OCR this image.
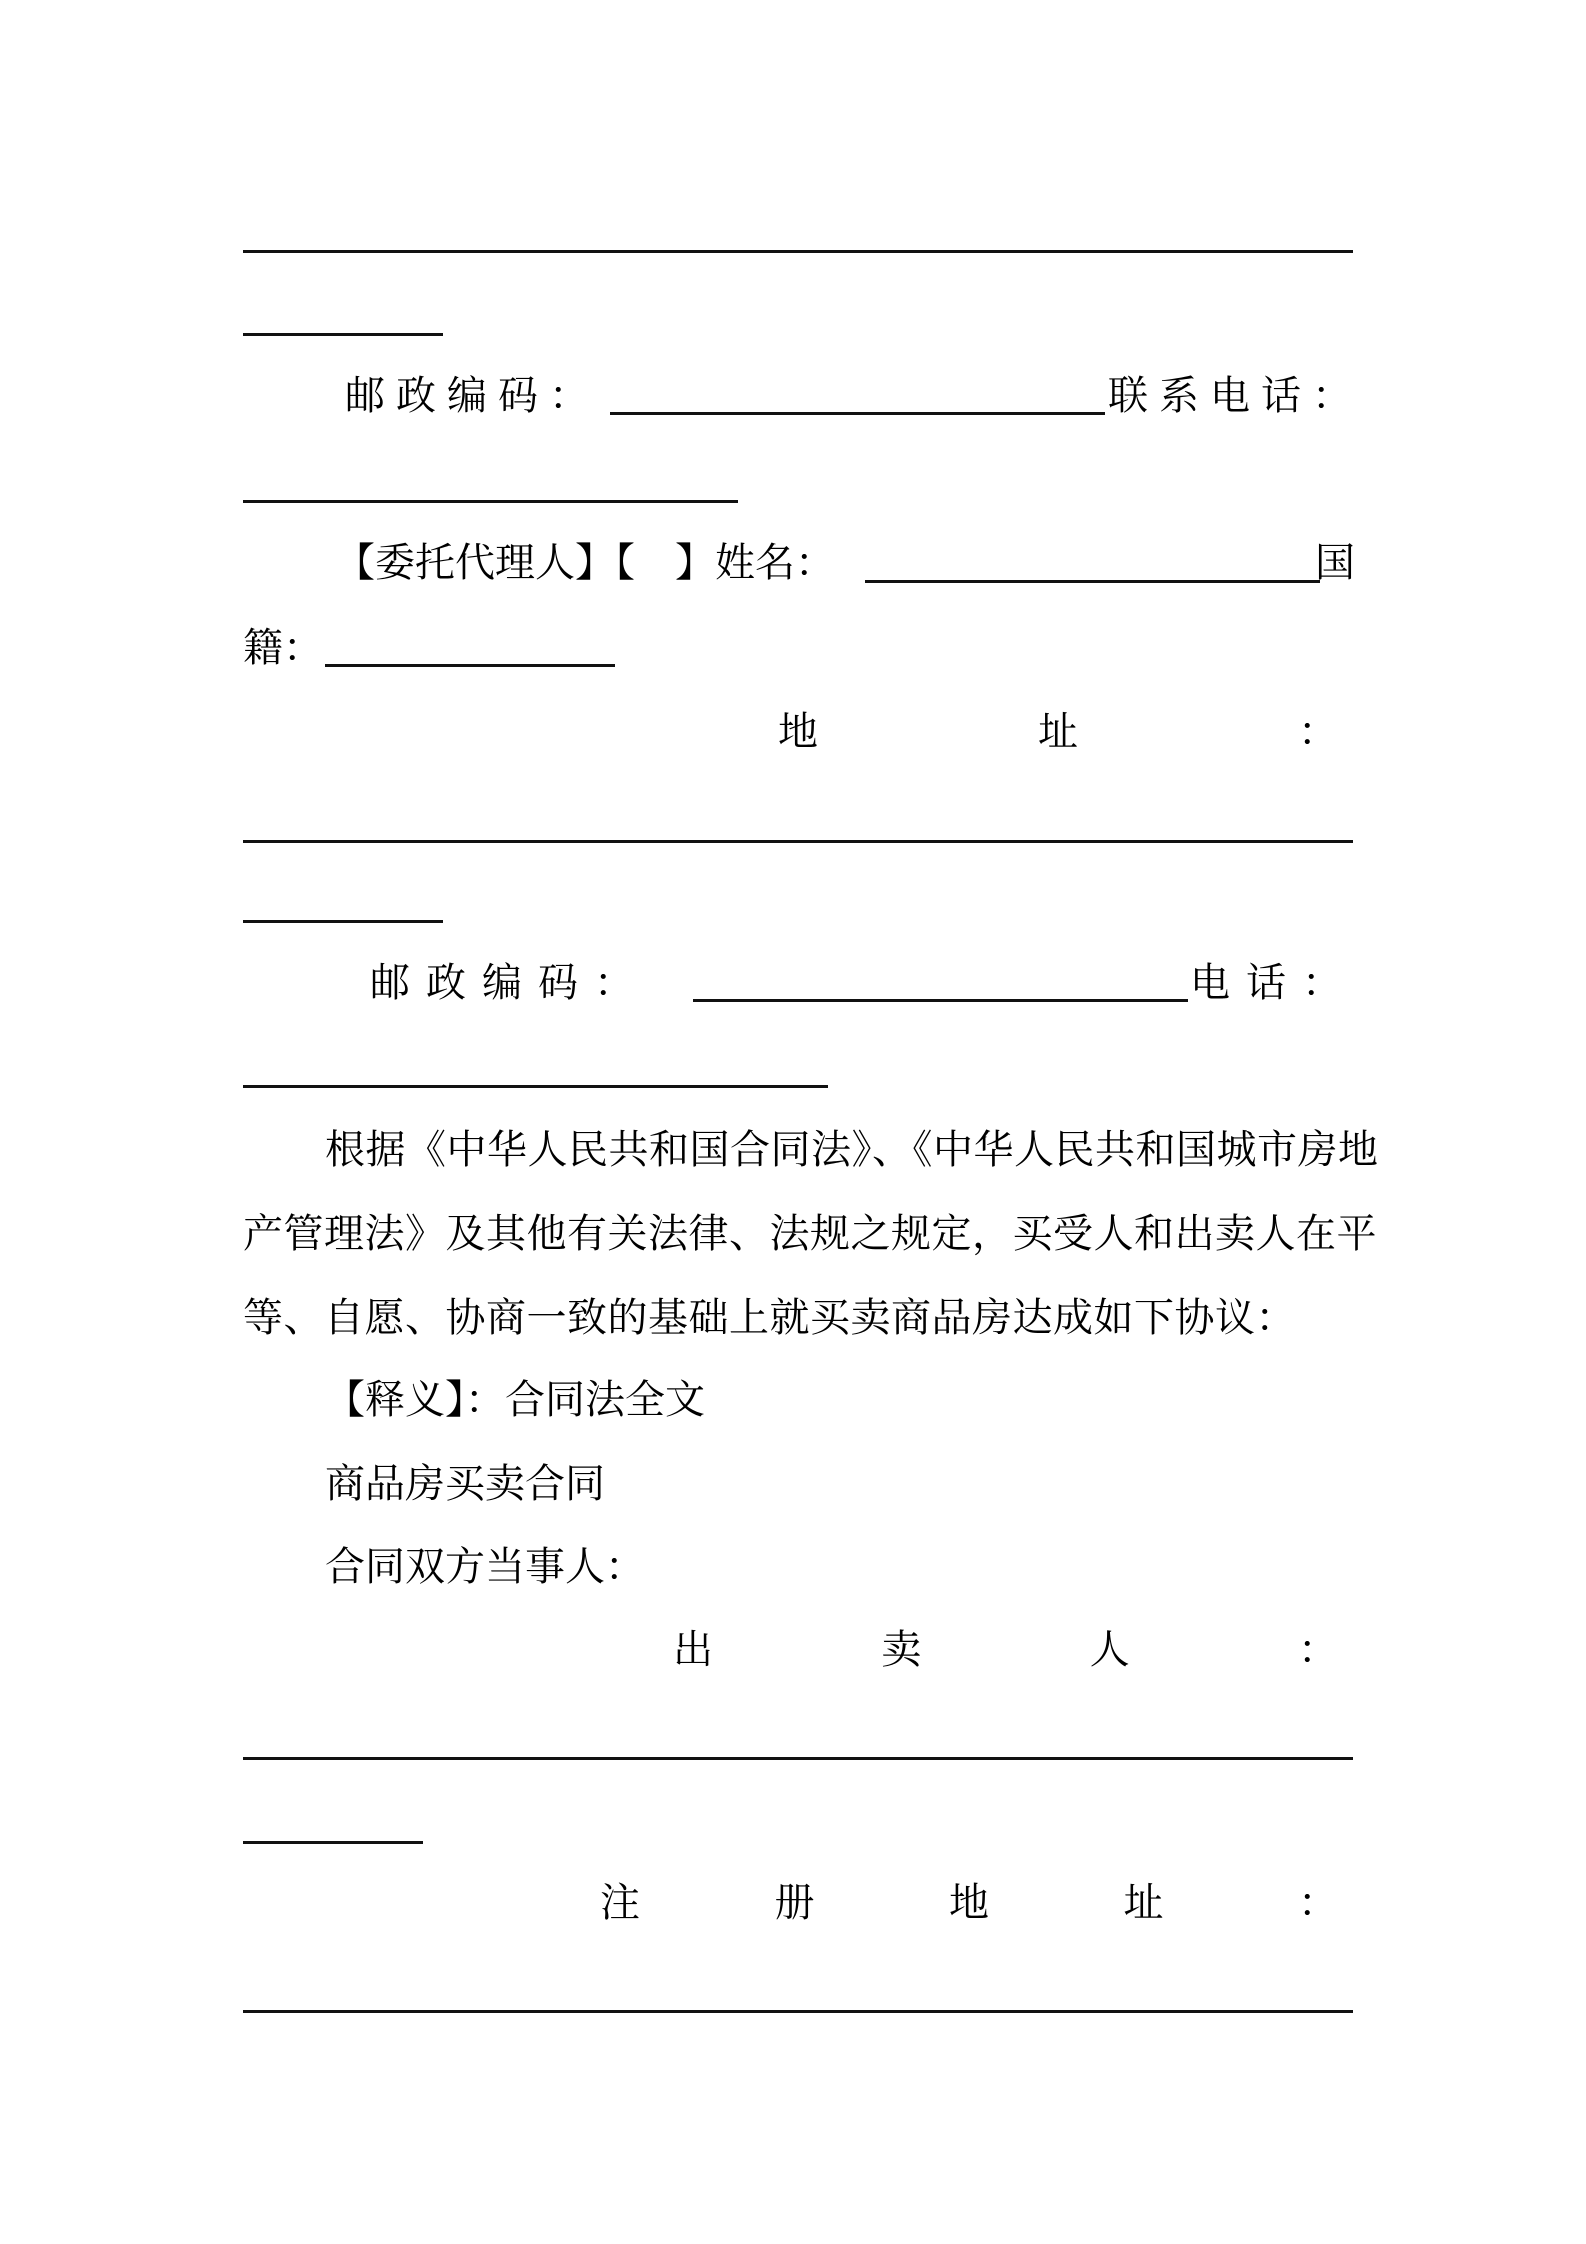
邮政编码：	联系电话：
【委托代理人】【　】姓名：	国
籍：
地	址	：
邮政编码：	电话：
根据《中华人民共和国合同法》、《中华人民共和国城市房地
产管理法》及其他有关法律、法规之规定，买受人和出卖人在平
等、自愿、协商一致的基础上就买卖商品房达成如下协议：
【释义】：合同法全文
商品房买卖合同
合同双方当事人：
出	卖	人	：
注	册	地	址	：
